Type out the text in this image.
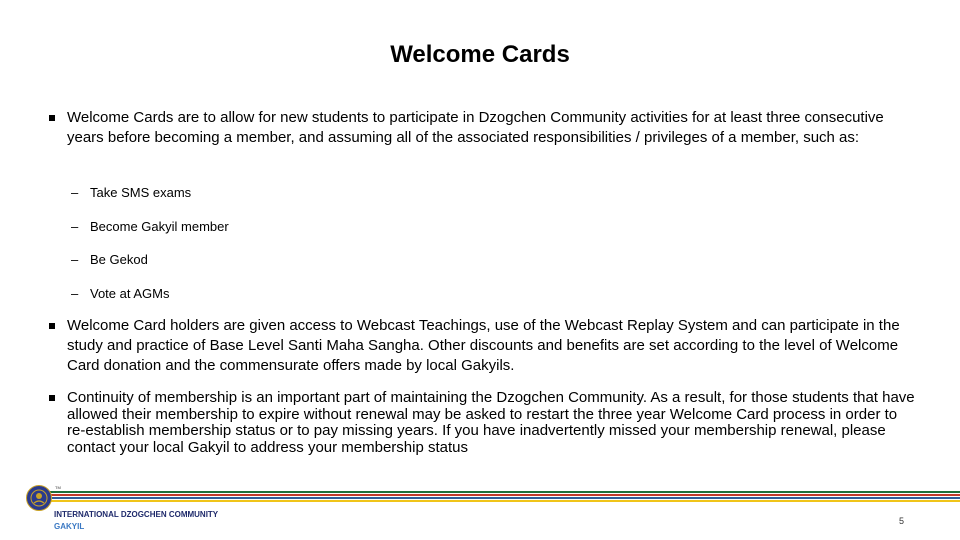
Welcome Cards
Welcome Cards are to allow for new students to participate in Dzogchen Community activities for at least three consecutive years before becoming a member, and assuming all of the associated responsibilities / privileges of a member, such as:
– Take SMS exams
– Become Gakyil member
– Be Gekod
– Vote at AGMs
Welcome Card holders are given access to Webcast Teachings, use of the Webcast Replay System and can participate in the study and practice of Base Level Santi Maha Sangha. Other discounts and benefits are set according to the level of Welcome Card donation and the commensurate offers made by local Gakyils.
Continuity of membership is an important part of maintaining the Dzogchen Community. As a result, for those students that have allowed their membership to expire without renewal may be asked to restart the three year Welcome Card process in order to re-establish membership status or to pay missing years. If you have inadvertently missed your membership renewal, please contact your local Gakyil to address your membership status
TM
INTERNATIONAL DZOGCHEN COMMUNITY
GAKYIL
5
